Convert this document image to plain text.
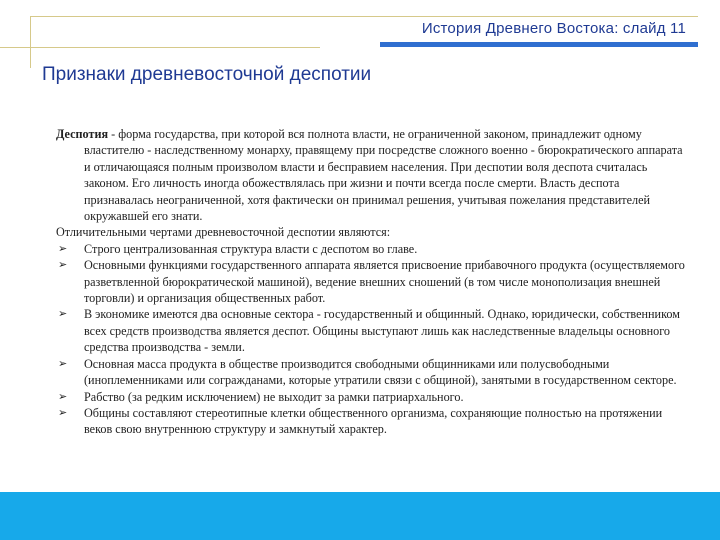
История Древнего Востока: слайд 11
Признаки древневосточной деспотии

Деспотия - форма государства, при которой вся полнота власти, не ограниченной законом, принадлежит одному властителю - наследственному монарху, правящему при посредстве сложного военно - бюрократического аппарата и отличающаяся полным произволом власти и бесправием населения. При деспотии воля деспота считалась законом. Его личность иногда обожествлялась при жизни и почти всегда после смерти. Власть деспота признавалась неограниченной, хотя фактически он принимал решения, учитывая пожелания представителей окружавшей его знати.

Отличительными чертами древневосточной деспотии являются:

➢ Строго централизованная структура власти с деспотом во главе.
➢ Основными функциями государственного аппарата является присвоение прибавочного продукта (осуществляемого разветвленной бюрократической машиной), ведение внешних сношений (в том числе монополизация внешней торговли) и организация общественных работ.
➢ В экономике имеются два основные сектора - государственный и общинный. Однако, юридически, собственником всех средств производства является деспот. Общины выступают лишь как наследственные владельцы основного средства производства - земли.
➢ Основная масса продукта в обществе производится свободными общинниками или полусвободными (иноплеменниками или согражданами, которые утратили связи с общиной), занятыми в государственном секторе.
➢ Рабство (за редким исключением) не выходит за рамки патриархального.
➢ Общины составляют стереотипные клетки общественного организма, сохраняющие полностью на протяжении веков свою внутреннюю структуру и замкнутый характер.
